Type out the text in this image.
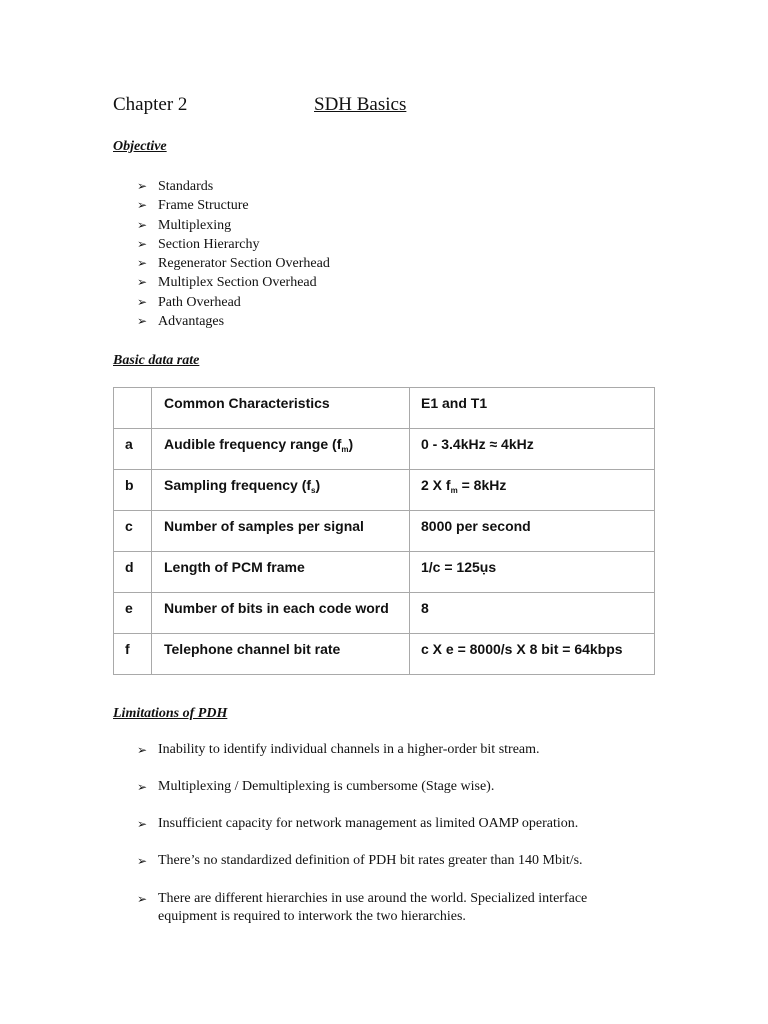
Chapter 2	SDH Basics
Objective
➢ Standards
➢ Frame Structure
➢ Multiplexing
➢ Section Hierarchy
➢ Regenerator Section Overhead
➢ Multiplex Section Overhead
➢ Path Overhead
➢ Advantages
Basic data rate
	Common Characteristics	E1 and T1
a	Audible frequency range $(f_m)$	0 - 3.4kHz ≈ 4kHz
b	Sampling frequency $(f_s)$	2 X $f_m = 8kHz$
c	Number of samples per signal	8000 per second
d	Length of PCM frame	1/c = 125ụs
e	Number of bits in each code word	8
f	Telephone channel bit rate	c X e = 8000/s X 8 bit = 64kbps
Limitations of PDH
➢ Inability to identify individual channels in a higher-order bit stream.
➢ Multiplexing / Demultiplexing is cumbersome (Stage wise).
➢ Insufficient capacity for network management as limited OAMP operation.
➢ There’s no standardized definition of PDH bit rates greater than 140 Mbit/s.
➢ There are different hierarchies in use around the world. Specialized interface
equipment is required to interwork the two hierarchies.
